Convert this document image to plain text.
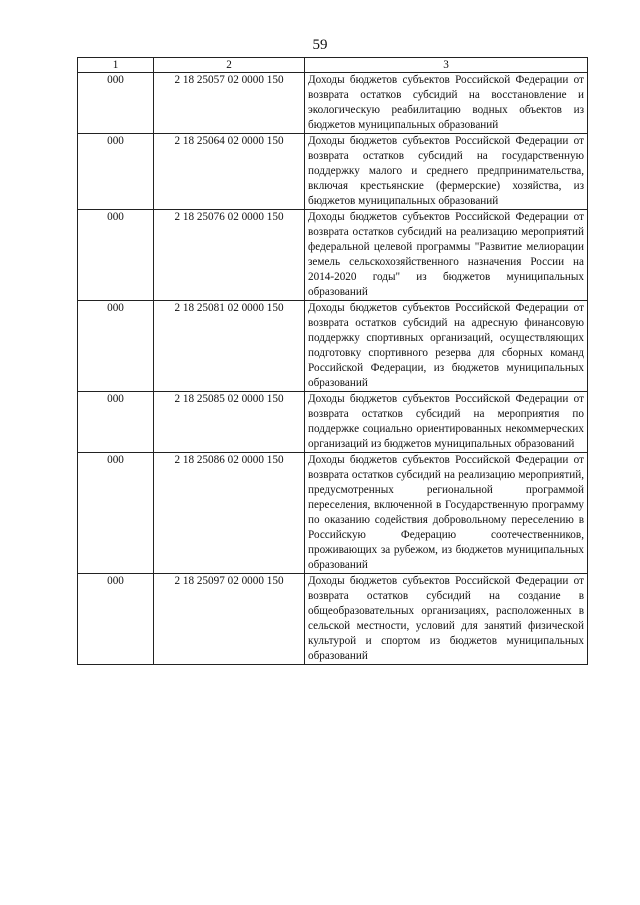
59
1	2	3
000	2 18 25057 02 0000 150	Доходы бюджетов субъектов Российской Федерации от возврата остатков субсидий на восстановление и экологическую реабилитацию водных объектов из бюджетов муниципальных образований
000	2 18 25064 02 0000 150	Доходы бюджетов субъектов Российской Федерации от возврата остатков субсидий на государственную поддержку малого и среднего предпринимательства, включая крестьянские (фермерские) хозяйства, из бюджетов муниципальных образований
000	2 18 25076 02 0000 150	Доходы бюджетов субъектов Российской Федерации от возврата остатков субсидий на реализацию мероприятий федеральной целевой программы "Развитие мелиорации земель сельскохозяйственного назначения России на 2014-2020 годы" из бюджетов муниципальных образований
000	2 18 25081 02 0000 150	Доходы бюджетов субъектов Российской Федерации от возврата остатков субсидий на адресную финансовую поддержку спортивных организаций, осуществляющих подготовку спортивного резерва для сборных команд Российской Федерации, из бюджетов муниципальных образований
000	2 18 25085 02 0000 150	Доходы бюджетов субъектов Российской Федерации от возврата остатков субсидий на мероприятия по поддержке социально ориентированных некоммерческих организаций из бюджетов муниципальных образований
000	2 18 25086 02 0000 150	Доходы бюджетов субъектов Российской Федерации от возврата остатков субсидий на реализацию мероприятий, предусмотренных региональной программой переселения, включенной в Государственную программу по оказанию содействия добровольному переселению в Российскую Федерацию соотечественников, проживающих за рубежом, из бюджетов муниципальных образований
000	2 18 25097 02 0000 150	Доходы бюджетов субъектов Российской Федерации от возврата остатков субсидий на создание в общеобразовательных организациях, расположенных в сельской местности, условий для занятий физической культурой и спортом из бюджетов муниципальных образований
